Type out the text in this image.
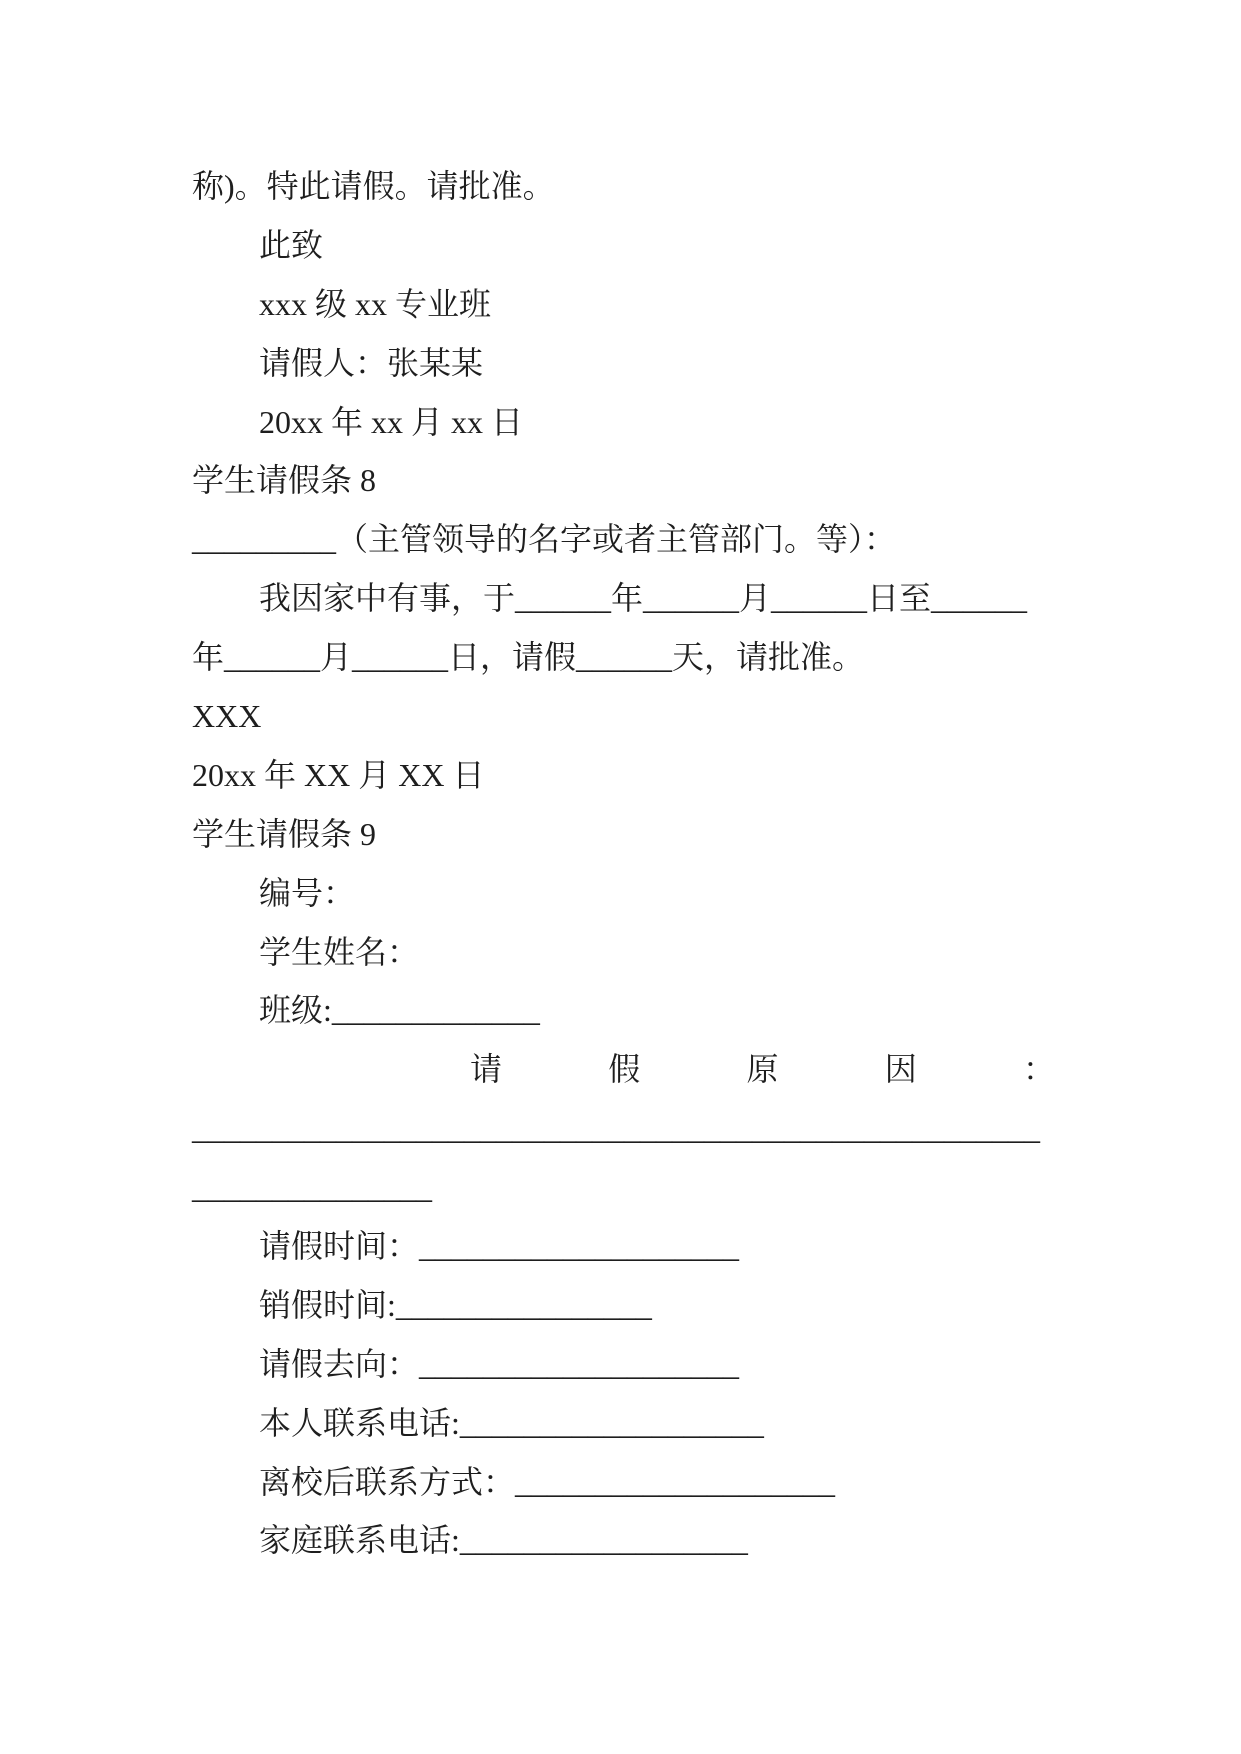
称)。特此请假。请批准。
此致
xxx 级 xx 专业班
请假人：张某某
20xx 年 xx 月 xx 日
学生请假条 8
_________（主管领导的名字或者主管部门。等）：
我因家中有事，于______年______月______日至______
年______月______日，请假______天，请批准。
XXX
20xx 年 XX 月 XX 日
学生请假条 9
编号：
学生姓名：
班级:_____________
请	假	原	因	：
_____________________________________________________
_______________
请假时间：____________________
销假时间:________________
请假去向：____________________
本人联系电话:___________________
离校后联系方式：____________________
家庭联系电话:__________________
